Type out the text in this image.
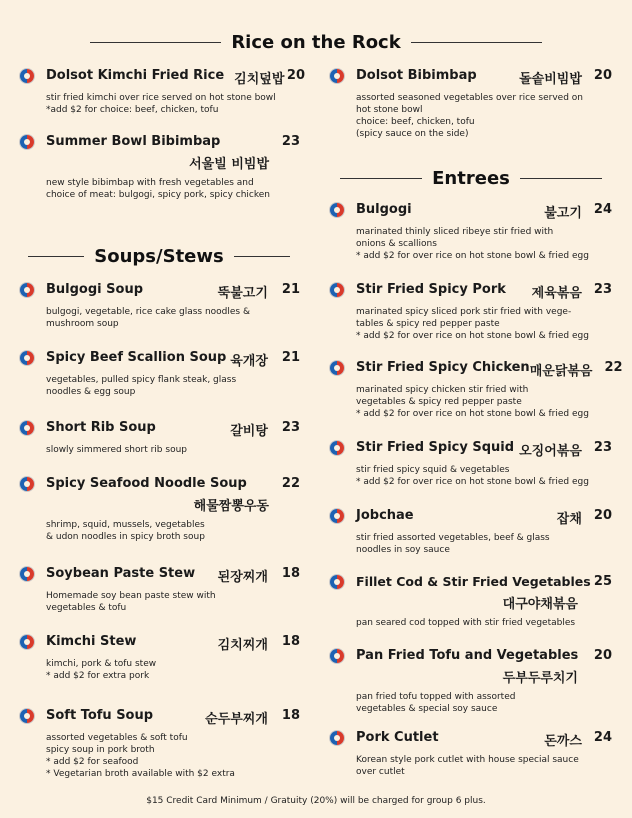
Rice on the Rock
Soups/Stews
Entrees
Dolsot Kimchi Fried Rice 김치덮밥 20
stir fried kimchi over rice served on hot stone bowl
*add $2 for choice: beef, chicken, tofu
Summer Bowl Bibimbap	23
서울빌 비빔밥
new style bibimbap with fresh vegetables and
choice of meat: bulgogi, spicy pork, spicy chicken
Bulgogi Soup	뚝불고기 21
bulgogi, vegetable, rice cake glass noodles &
mushroom soup
Spicy Beef Scallion Soup 육개장 21
vegetables, pulled spicy flank steak, glass
noodles & egg soup
Short Rib Soup	갈비탕 23
slowly simmered short rib soup
Spicy Seafood Noodle Soup	22
해물짬뽕우동
shrimp, squid, mussels, vegetables
& udon noodles in spicy broth soup
Soybean Paste Stew 된장찌개 18
Homemade soy bean paste stew with
vegetables & tofu
Kimchi Stew	김치찌개 18
kimchi, pork & tofu stew
* add $2 for extra pork
Soft Tofu Soup	순두부찌개 18
assorted vegetables & soft tofu
spicy soup in pork broth
* add $2 for seafood
* Vegetarian broth available with $2 extra
Dolsot Bibimbap	돌솥비빔밥 20
assorted seasoned vegetables over rice served on
hot stone bowl
choice: beef, chicken, tofu
(spicy sauce on the side)
Bulgogi	불고기 24
marinated thinly sliced ribeye stir fried with
onions & scallions
* add $2 for over rice on hot stone bowl & fried egg
Stir Fried Spicy Pork 제육볶음 23
marinated spicy sliced pork stir fried with vege-
tables & spicy red pepper paste
* add $2 for over rice on hot stone bowl & fried egg
Stir Fried Spicy Chicken 매운닭볶음 22
marinated spicy chicken stir fried with
vegetables & spicy red pepper paste
* add $2 for over rice on hot stone bowl & fried egg
Stir Fried Spicy Squid 오징어볶음 23
stir fried spicy squid & vegetables
* add $2 for over rice on hot stone bowl & fried egg
Jobchae	잡채 20
stir fried assorted vegetables, beef & glass
noodles in soy sauce
Fillet Cod & Stir Fried Vegetables 25
대구야채볶음
pan seared cod topped with stir fried vegetables
Pan Fried Tofu and Vegetables 20
두부두루치기
pan fried tofu topped with assorted
vegetables & special soy sauce
Pork Cutlet	돈까스 24
Korean style pork cutlet with house special sauce
over cutlet
$15 Credit Card Minimum / Gratuity (20%) will be charged for group 6 plus.
